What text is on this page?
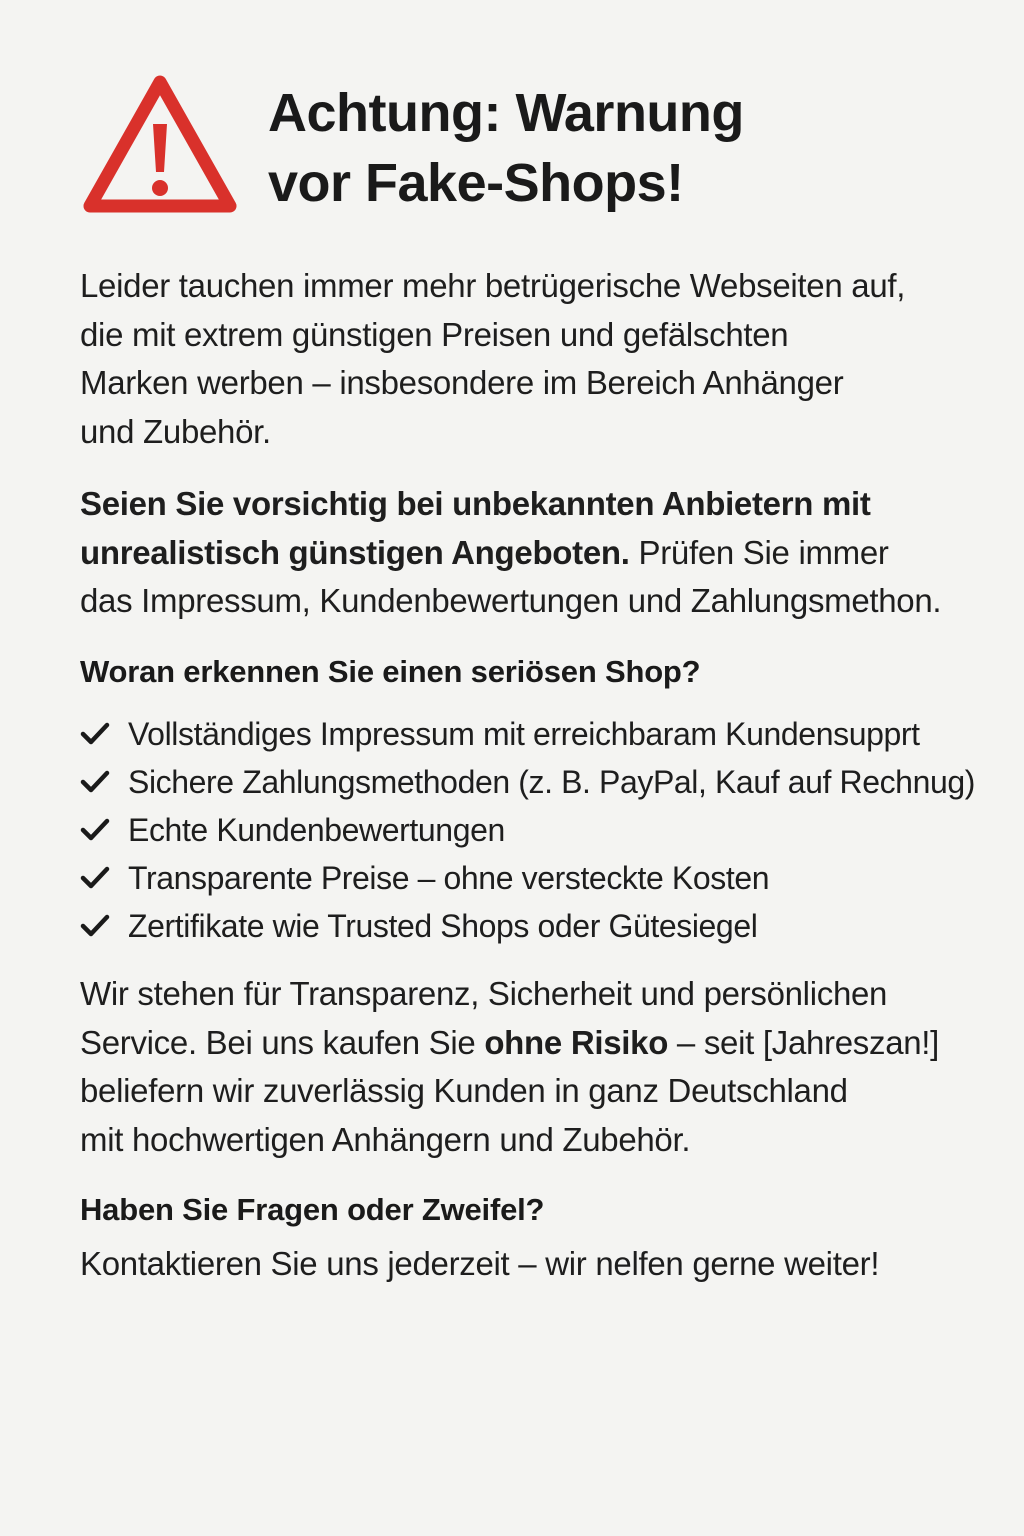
Achtung: Warnung
vor Fake-Shops!

Leider tauchen immer mehr betrügerische Webseiten auf,
die mit extrem günstigen Preisen und gefälschten
Marken werben – insbesondere im Bereich Anhänger
und Zubehör.

Seien Sie vorsichtig bei unbekannten Anbietern mit
unrealistisch günstigen Angeboten. Prüfen Sie immer
das Impressum, Kundenbewertungen und Zahlungsmethon.

Woran erkennen Sie einen seriösen Shop?
Vollständiges Impressum mit erreichbaram Kundensupprt
Sichere Zahlungsmethoden (z. B. PayPal, Kauf auf Rechnug)
Echte Kundenbewertungen
Transparente Preise – ohne versteckte Kosten
Zertifikate wie Trusted Shops oder Gütesiegel

Wir stehen für Transparenz, Sicherheit und persönlichen
Service. Bei uns kaufen Sie ohne Risiko – seit [Jahreszan!]
beliefern wir zuverlässig Kunden in ganz Deutschland
mit hochwertigen Anhängern und Zubehör.

Haben Sie Fragen oder Zweifel?

Kontaktieren Sie uns jederzeit – wir nelfen gerne weiter!
